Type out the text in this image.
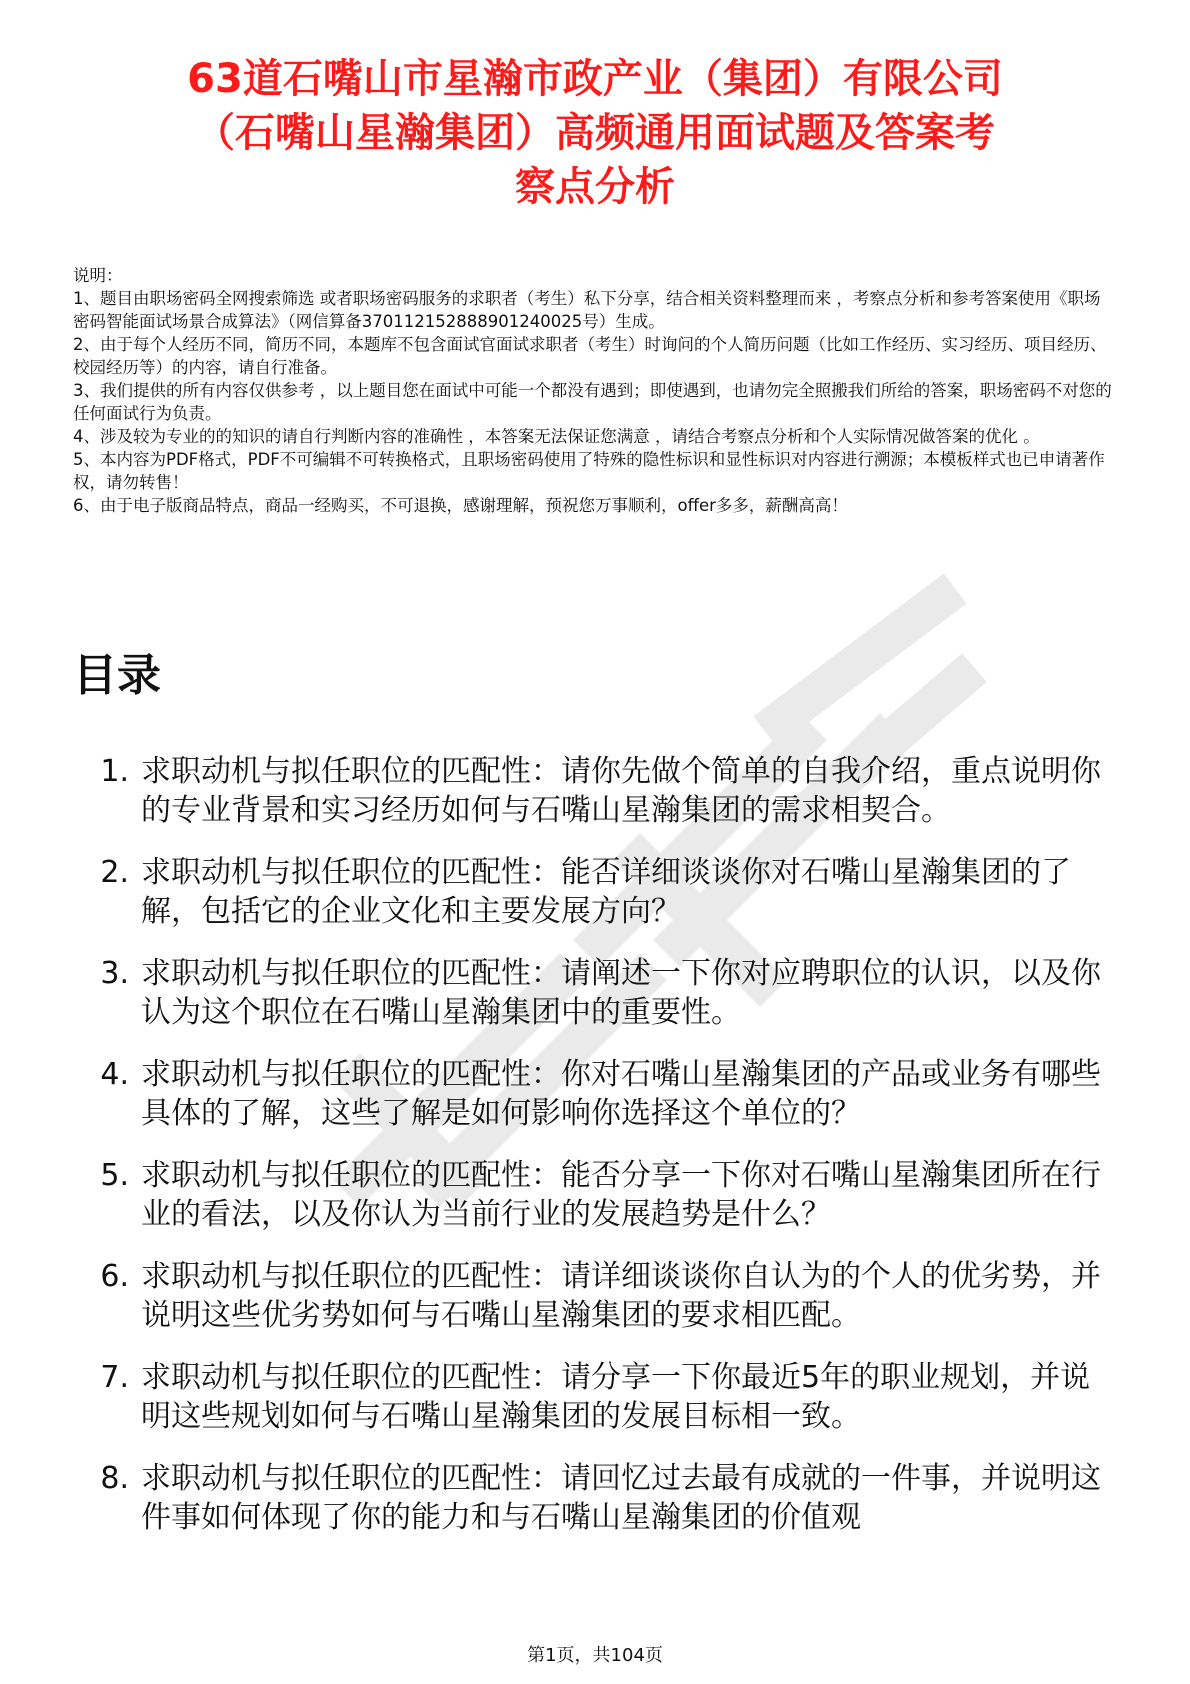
63道石嘴山市星瀚市政产业（集团）有限公司
（石嘴山星瀚集团）高频通用面试题及答案考
察点分析

说明：

1、题目由职场密码全网搜索筛选 或者职场密码服务的求职者（考生）私下分享，结合相关资料整理而来 ，考察点分析和参考答案使用《职场密码智能面试场景合成算法》（网信算备370112152888901240025号）生成。

2、由于每个人经历不同，简历不同，本题库不包含面试官面试求职者（考生）时询问的个人简历问题（比如工作经历、实习经历、项目经历、校园经历等）的内容，请自行准备。

3、我们提供的所有内容仅供参考 ，以上题目您在面试中可能一个都没有遇到；即使遇到，也请勿完全照搬我们所给的答案，职场密码不对您的任何面试行为负责。

4、涉及较为专业的的知识的请自行判断内容的准确性 ，本答案无法保证您满意 ，请结合考察点分析和个人实际情况做答案的优化 。

5、本内容为PDF格式，PDF不可编辑不可转换格式，且职场密码使用了特殊的隐性标识和显性标识对内容进行溯源；本模板样式也已申请著作权，请勿转售！

6、由于电子版商品特点，商品一经购买，不可退换，感谢理解，预祝您万事顺利，offer多多，薪酬高高！

目录
1. 求职动机与拟任职位的匹配性：请你先做个简单的自我介绍，重点说明你的专业背景和实习经历如何与石嘴山星瀚集团的需求相契合。
2. 求职动机与拟任职位的匹配性：能否详细谈谈你对石嘴山星瀚集团的了解，包括它的企业文化和主要发展方向？
3. 求职动机与拟任职位的匹配性：请阐述一下你对应聘职位的认识，以及你认为这个职位在石嘴山星瀚集团中的重要性。
4. 求职动机与拟任职位的匹配性：你对石嘴山星瀚集团的产品或业务有哪些具体的了解，这些了解是如何影响你选择这个单位的？
5. 求职动机与拟任职位的匹配性：能否分享一下你对石嘴山星瀚集团所在行业的看法，以及你认为当前行业的发展趋势是什么？
6. 求职动机与拟任职位的匹配性：请详细谈谈你自认为的个人的优劣势，并说明这些优劣势如何与石嘴山星瀚集团的要求相匹配。
7. 求职动机与拟任职位的匹配性：请分享一下你最近5年的职业规划，并说明这些规划如何与石嘴山星瀚集团的发展目标相一致。
8. 求职动机与拟任职位的匹配性：请回忆过去最有成就的一件事，并说明这件事如何体现了你的能力和与石嘴山星瀚集团的价值观
第1页，共104页
